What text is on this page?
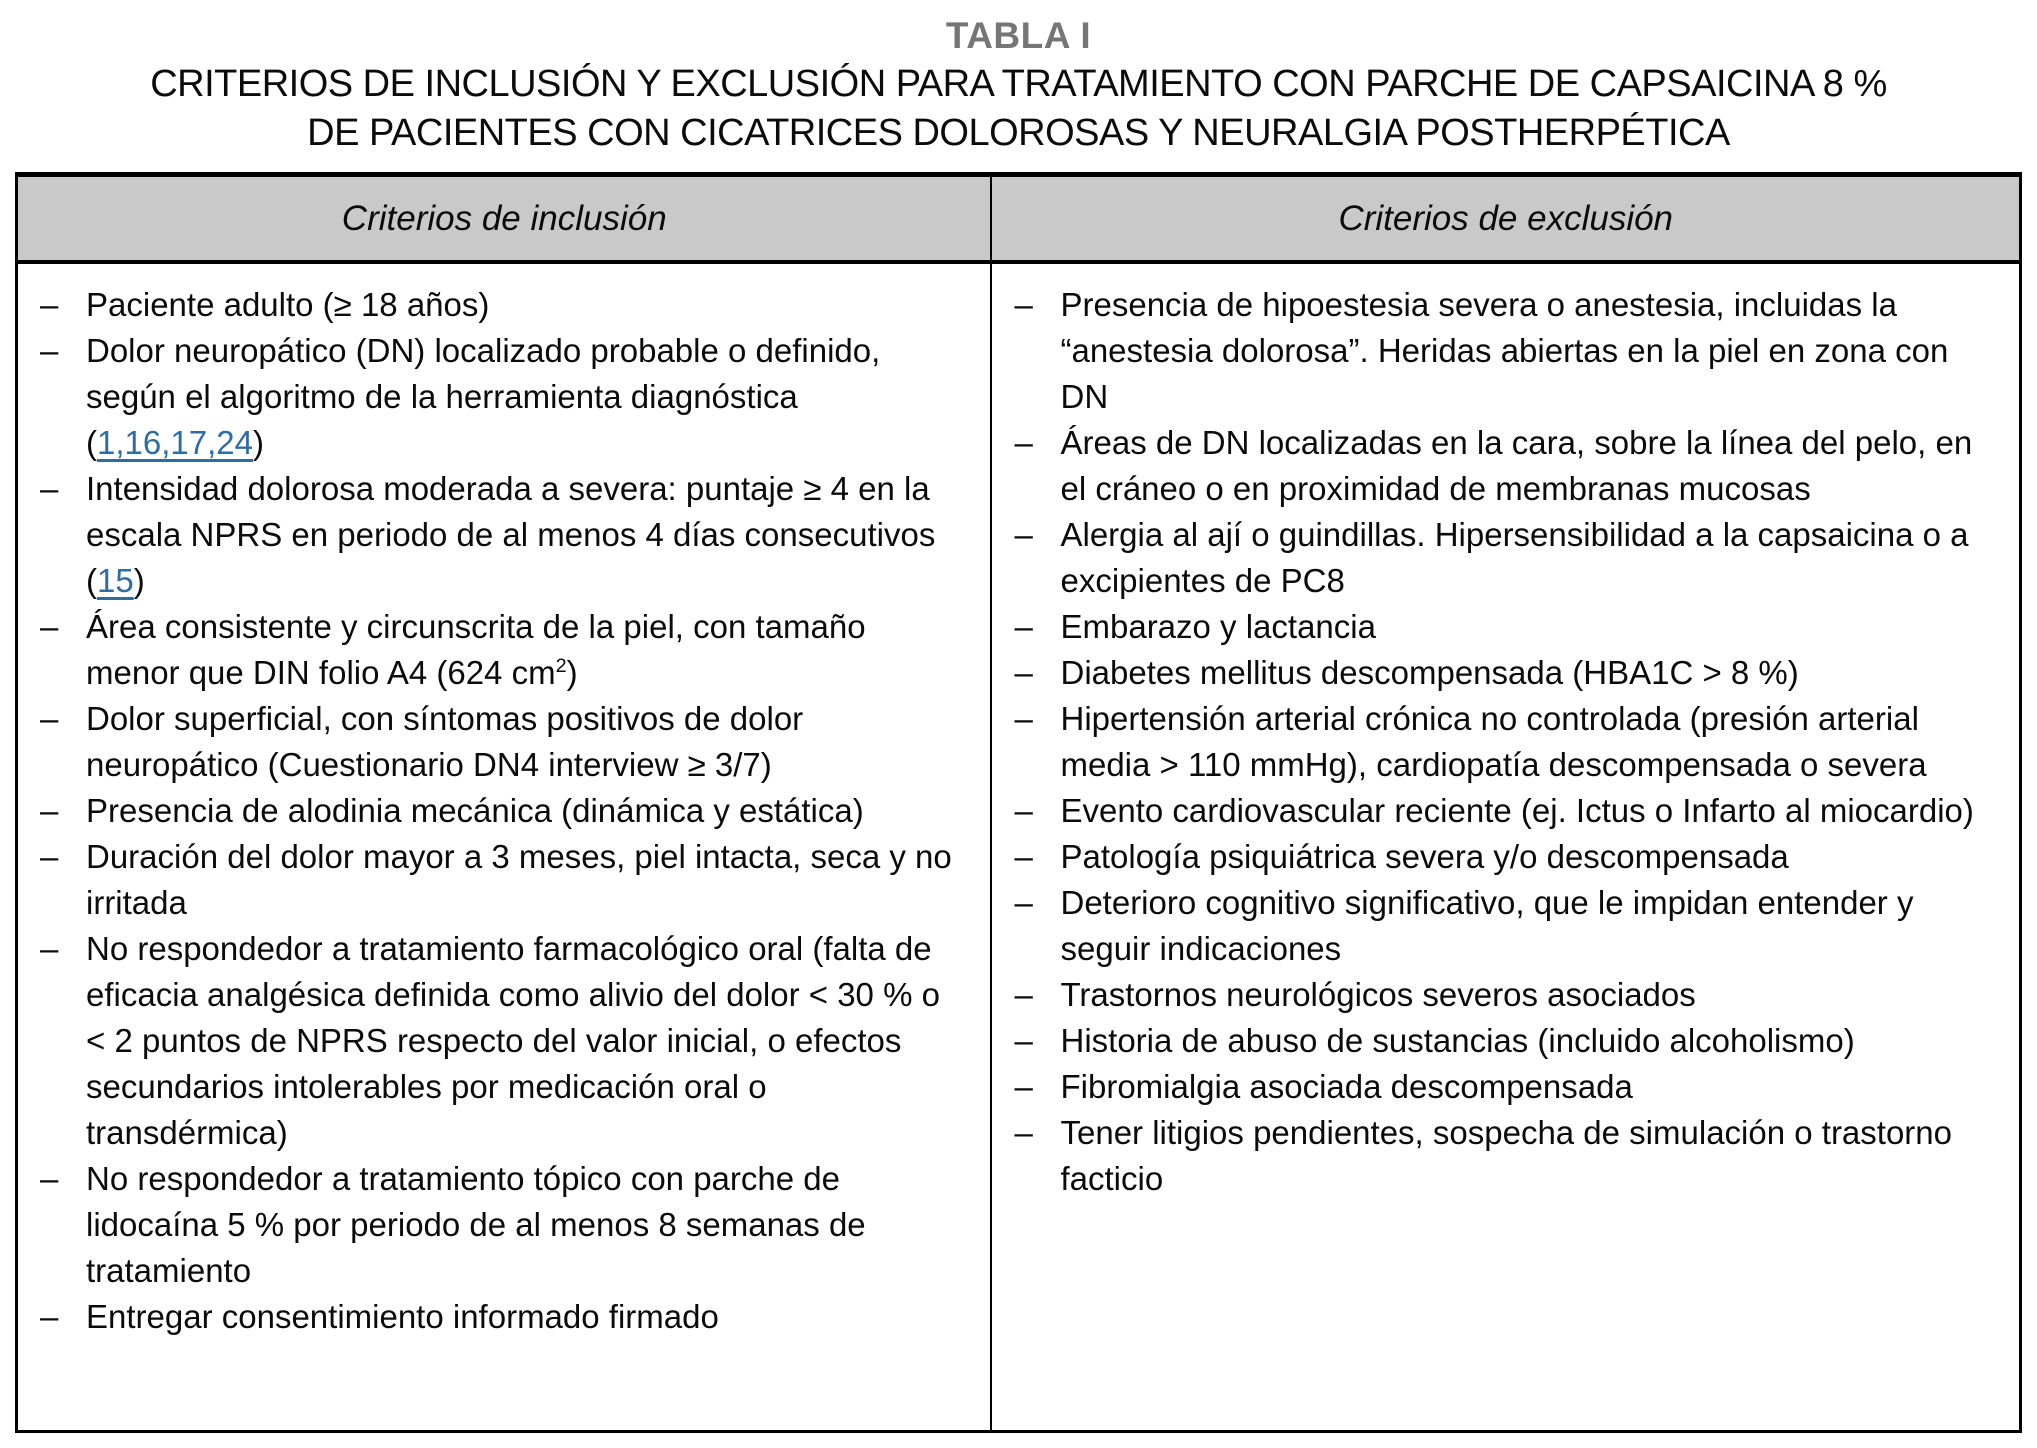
TABLA I
CRITERIOS DE INCLUSIÓN Y EXCLUSIÓN PARA TRATAMIENTO CON PARCHE DE CAPSAICINA 8 %
DE PACIENTES CON CICATRICES DOLOROSAS Y NEURALGIA POSTHERPÉTICA
Criterios de inclusión	Criterios de exclusión
– Paciente adulto (≥ 18 años)
– Dolor neuropático (DN) localizado probable o definido, según el algoritmo de la herramienta diagnóstica (1,16,17,24)
– Intensidad dolorosa moderada a severa: puntaje ≥ 4 en la escala NPRS en periodo de al menos 4 días consecutivos (15)
– Área consistente y circunscrita de la piel, con tamaño menor que DIN folio A4 (624 $cm^2$)
– Dolor superficial, con síntomas positivos de dolor neuropático (Cuestionario DN4 interview ≥ 3/7)
– Presencia de alodinia mecánica (dinámica y estática)
– Duración del dolor mayor a 3 meses, piel intacta, seca y no irritada
– No respondedor a tratamiento farmacológico oral (falta de eficacia analgésica definida como alivio del dolor < 30 % o < 2 puntos de NPRS respecto del valor inicial, o efectos secundarios intolerables por medicación oral o transdérmica)
– No respondedor a tratamiento tópico con parche de lidocaína 5 % por periodo de al menos 8 semanas de tratamiento
– Entregar consentimiento informado firmado
– Presencia de hipoestesia severa o anestesia, incluidas la “anestesia dolorosa”. Heridas abiertas en la piel en zona con DN
– Áreas de DN localizadas en la cara, sobre la línea del pelo, en el cráneo o en proximidad de membranas mucosas
– Alergia al ají o guindillas. Hipersensibilidad a la capsaicina o a excipientes de PC8
– Embarazo y lactancia
– Diabetes mellitus descompensada (HBA1C > 8 %)
– Hipertensión arterial crónica no controlada (presión arterial media > 110 mmHg), cardiopatía descompensada o severa
– Evento cardiovascular reciente (ej. Ictus o Infarto al miocardio)
– Patología psiquiátrica severa y/o descompensada
– Deterioro cognitivo significativo, que le impidan entender y seguir indicaciones
– Trastornos neurológicos severos asociados
– Historia de abuso de sustancias (incluido alcoholismo)
– Fibromialgia asociada descompensada
– Tener litigios pendientes, sospecha de simulación o trastorno facticio
